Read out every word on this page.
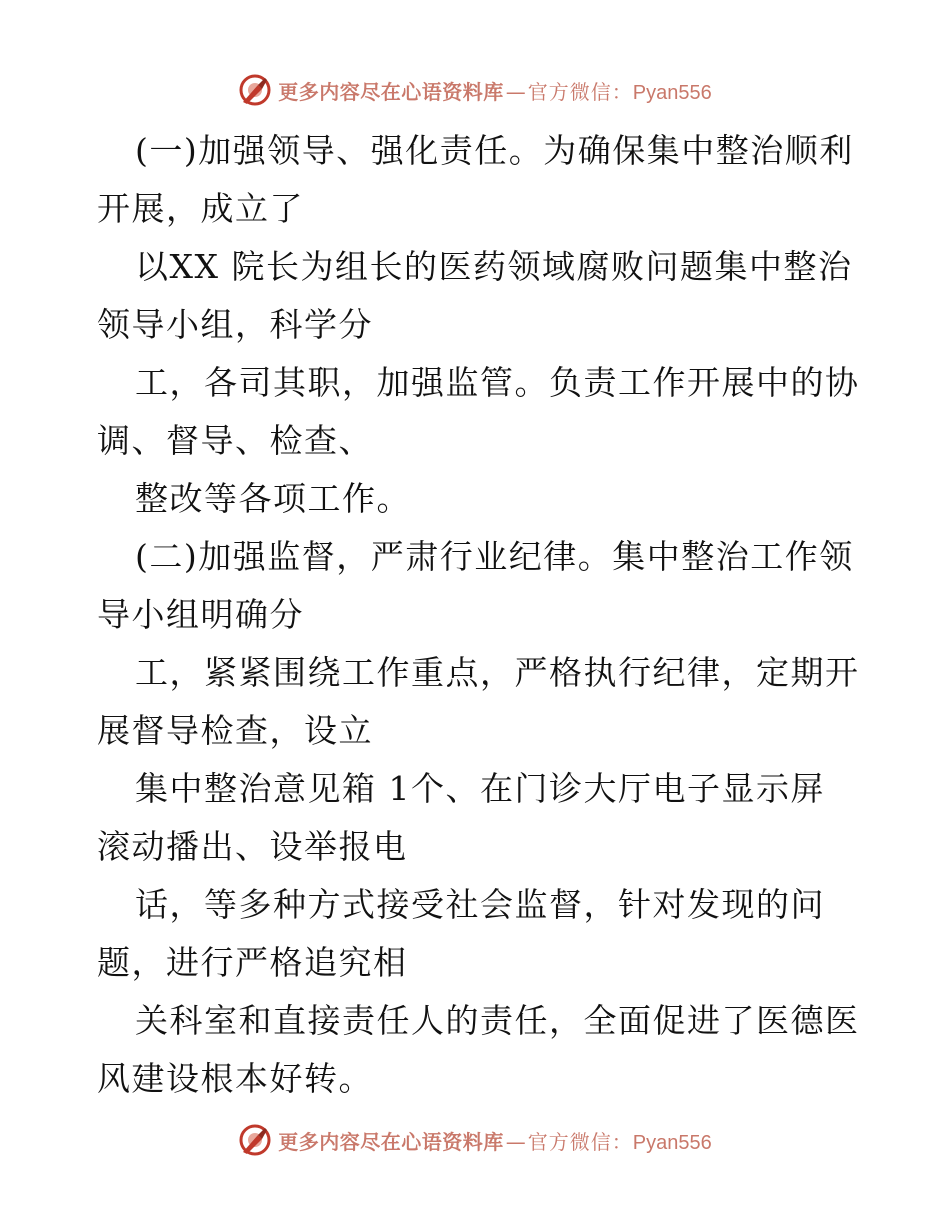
更多内容尽在心语资料库 — 官方微信： Pyan556
(一)加强领导、强化责任。为确保集中整治顺利
开展，成立了
以XX 院长为组长的医药领域腐败问题集中整治
领导小组，科学分
工，各司其职，加强监管。负责工作开展中的协
调、督导、检查、
整改等各项工作。
(二)加强监督，严肃行业纪律。集中整治工作领
导小组明确分
工，紧紧围绕工作重点，严格执行纪律，定期开
展督导检查，设立
集中整治意见箱 1个、在门诊大厅电子显示屏
滚动播出、设举报电
话，等多种方式接受社会监督，针对发现的问
题，进行严格追究相
关科室和直接责任人的责任，全面促进了医德医
风建设根本好转。
更多内容尽在心语资料库 — 官方微信： Pyan556
